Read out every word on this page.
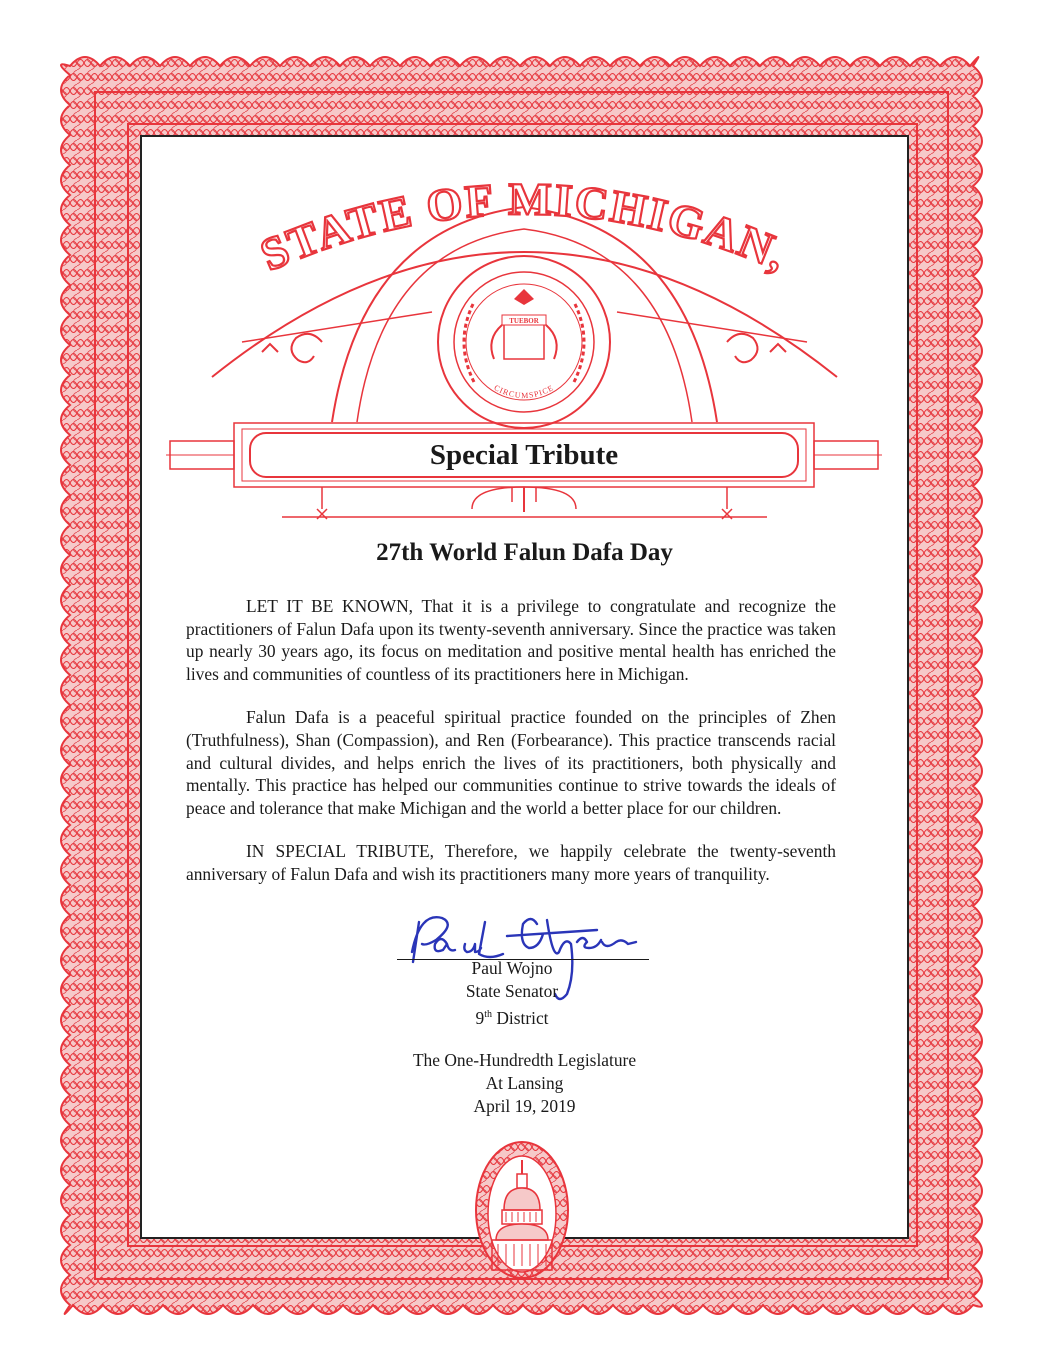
STATE OF MICHIGAN,
TUEBOR
CIRCUMSPICE
Special Tribute
27th World Falun Dafa Day

LET IT BE KNOWN, That it is a privilege to congratulate and recognize the practitioners of Falun Dafa upon its twenty-seventh anniversary. Since the practice was taken up nearly 30 years ago, its focus on meditation and positive mental health has enriched the lives and communities of countless of its practitioners here in Michigan.

Falun Dafa is a peaceful spiritual practice founded on the principles of Zhen (Truthfulness), Shan (Compassion), and Ren (Forbearance). This practice transcends racial and cultural divides, and helps enrich the lives of its practitioners, both physically and mentally. This practice has helped our communities continue to strive towards the ideals of peace and tolerance that make Michigan and the world a better place for our children.

IN SPECIAL TRIBUTE, Therefore, we happily celebrate the twenty-seventh anniversary of Falun Dafa and wish its practitioners many more years of tranquility.

Paul Wojno
State Senator
9th District
The One-Hundredth Legislature
At Lansing
April 19, 2019
